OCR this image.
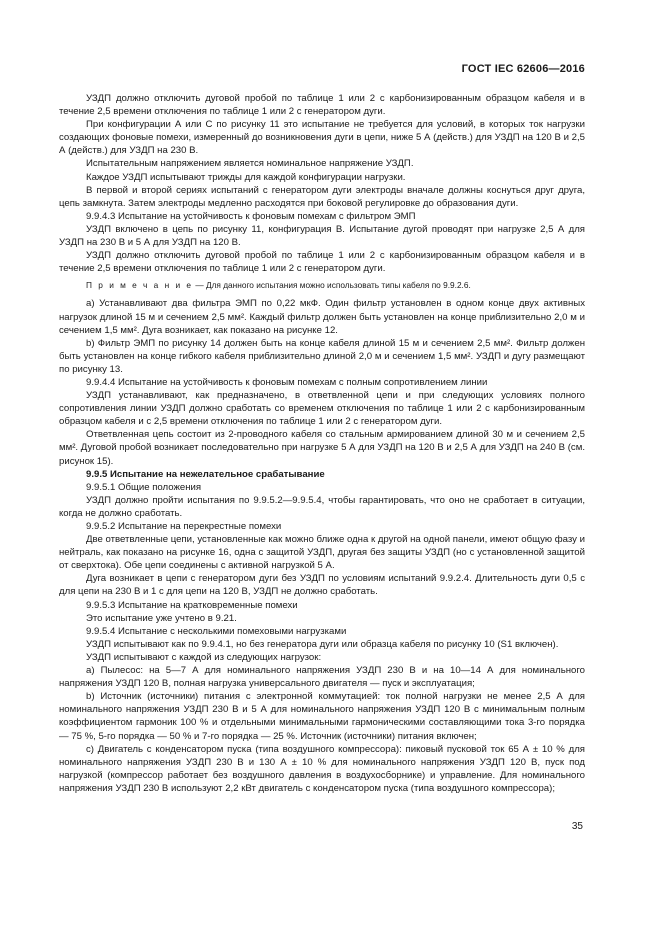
ГОСТ IEC 62606—2016

УЗДП должно отключить дуговой пробой по таблице 1 или 2 с карбонизированным образцом кабеля и в течение 2,5 времени отключения по таблице 1 или 2 с генератором дуги.

При конфигурации А или С по рисунку 11 это испытание не требуется для условий, в которых ток нагрузки создающих фоновые помехи, измеренный до возникновения дуги в цепи, ниже 5 А (действ.) для УЗДП на 120 В и 2,5 А (действ.) для УЗДП на 230 В.

Испытательным напряжением является номинальное напряжение УЗДП.

Каждое УЗДП испытывают трижды для каждой конфигурации нагрузки.

В первой и второй сериях испытаний с генератором дуги электроды вначале должны коснуться друг друга, цепь замкнута. Затем электроды медленно расходятся при боковой регулировке до образования дуги.

9.9.4.3 Испытание на устойчивость к фоновым помехам с фильтром ЭМП

УЗДП включено в цепь по рисунку 11, конфигурация В. Испытание дугой проводят при нагрузке 2,5 А для УЗДП на 230 В и 5 А для УЗДП на 120 В.

УЗДП должно отключить дуговой пробой по таблице 1 или 2 с карбонизированным образцом кабеля и в течение 2,5 времени отключения по таблице 1 или 2 с генератором дуги.

П р и м е ч а н и е — Для данного испытания можно использовать типы кабеля по 9.9.2.6.

a) Устанавливают два фильтра ЭМП по 0,22 мкФ. Один фильтр установлен в одном конце двух активных нагрузок длиной 15 м и сечением 2,5 мм². Каждый фильтр должен быть установлен на конце приблизительно 2,0 м и сечением 1,5 мм². Дуга возникает, как показано на рисунке 12.

b) Фильтр ЭМП по рисунку 14 должен быть на конце кабеля длиной 15 м и сечением 2,5 мм². Фильтр должен быть установлен на конце гибкого кабеля приблизительно длиной 2,0 м и сечением 1,5 мм². УЗДП и дугу размещают по рисунку 13.

9.9.4.4 Испытание на устойчивость к фоновым помехам с полным сопротивлением линии

УЗДП устанавливают, как предназначено, в ответвленной цепи и при следующих условиях полного сопротивления линии УЗДП должно сработать со временем отключения по таблице 1 или 2 с карбонизированным образцом кабеля и с 2,5 времени отключения по таблице 1 или 2 с генератором дуги.

Ответвленная цепь состоит из 2-проводного кабеля со стальным армированием длиной 30 м и сечением 2,5 мм². Дуговой пробой возникает последовательно при нагрузке 5 А для УЗДП на 120 В и 2,5 А для УЗДП на 240 В (см. рисунок 15).

9.9.5 Испытание на нежелательное срабатывание

9.9.5.1 Общие положения

УЗДП должно пройти испытания по 9.9.5.2—9.9.5.4, чтобы гарантировать, что оно не сработает в ситуации, когда не должно сработать.

9.9.5.2 Испытание на перекрестные помехи

Две ответвленные цепи, установленные как можно ближе одна к другой на одной панели, имеют общую фазу и нейтраль, как показано на рисунке 16, одна с защитой УЗДП, другая без защиты УЗДП (но с установленной защитой от сверхтока). Обе цепи соединены с активной нагрузкой 5 А.

Дуга возникает в цепи с генератором дуги без УЗДП по условиям испытаний 9.9.2.4. Длительность дуги 0,5 с для цепи на 230 В и 1 с для цепи на 120 В, УЗДП не должно сработать.

9.9.5.3 Испытание на кратковременные помехи

Это испытание уже учтено в 9.21.

9.9.5.4 Испытание с несколькими помеховыми нагрузками

УЗДП испытывают как по 9.9.4.1, но без генератора дуги или образца кабеля по рисунку 10 (S1 включен).

УЗДП испытывают с каждой из следующих нагрузок:

a) Пылесос: на 5—7 А для номинального напряжения УЗДП 230 В и на 10—14 А для номинального напряжения УЗДП 120 В, полная нагрузка универсального двигателя — пуск и эксплуатация;

b) Источник (источники) питания с электронной коммутацией: ток полной нагрузки не менее 2,5 А для номинального напряжения УЗДП 230 В и 5 А для номинального напряжения УЗДП 120 В с минимальным полным коэффициентом гармоник 100 % и отдельными минимальными гармоническими составляющими тока 3-го порядка — 75 %, 5-го порядка — 50 % и 7-го порядка — 25 %. Источник (источники) питания включен;

c) Двигатель с конденсатором пуска (типа воздушного компрессора): пиковый пусковой ток 65 А ± 10 % для номинального напряжения УЗДП 230 В и 130 А ± 10 % для номинального напряжения УЗДП 120 В, пуск под нагрузкой (компрессор работает без воздушного давления в воздухосборнике) и управление. Для номинального напряжения УЗДП 230 В используют 2,2 кВт двигатель с конденсатором пуска (типа воздушного компрессора);

35
